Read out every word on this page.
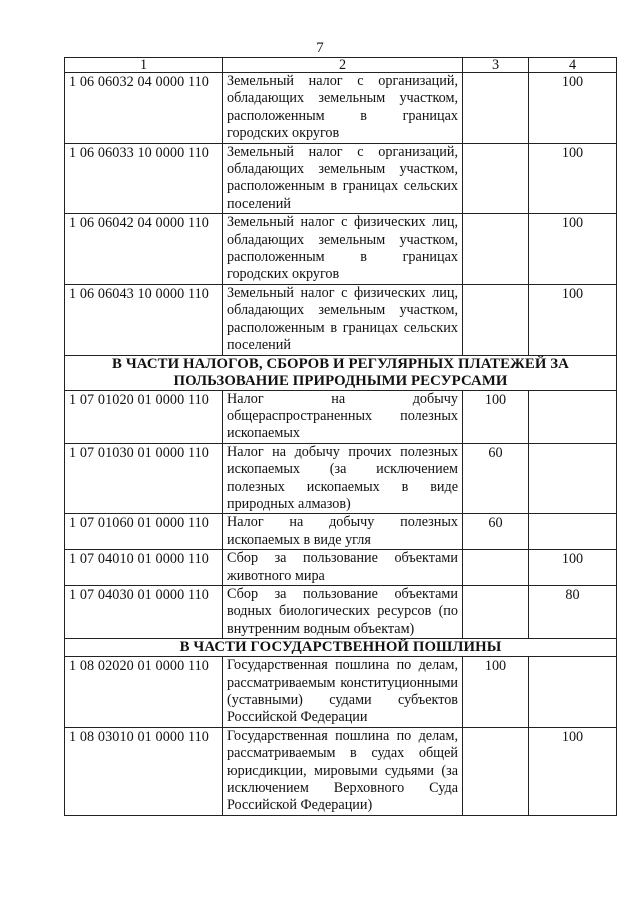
7
1	2	3	4
1 06 06032 04 0000 110	Земельный налог с организаций, обладающих земельным участком, расположенным в границах городских округов		100
1 06 06033 10 0000 110	Земельный налог с организаций, обладающих земельным участком, расположенным в границах сельских поселений		100
1 06 06042 04 0000 110	Земельный налог с физических лиц, обладающих земельным участком, расположенным в границах городских округов		100
1 06 06043 10 0000 110	Земельный налог с физических лиц, обладающих земельным участком, расположенным в границах сельских поселений		100
В ЧАСТИ НАЛОГОВ, СБОРОВ И РЕГУЛЯРНЫХ ПЛАТЕЖЕЙ ЗА ПОЛЬЗОВАНИЕ ПРИРОДНЫМИ РЕСУРСАМИ			
1 07 01020 01 0000 110	Налог на добычу общераспространенных полезных ископаемых	100	
1 07 01030 01 0000 110	Налог на добычу прочих полезных ископаемых (за исключением полезных ископаемых в виде природных алмазов)	60	
1 07 01060 01 0000 110	Налог на добычу полезных ископаемых в виде угля	60	
1 07 04010 01 0000 110	Сбор за пользование объектами животного мира		100
1 07 04030 01 0000 110	Сбор за пользование объектами водных биологических ресурсов (по внутренним водным объектам)		80
В ЧАСТИ ГОСУДАРСТВЕННОЙ ПОШЛИНЫ			
1 08 02020 01 0000 110	Государственная пошлина по делам, рассматриваемым конституционными (уставными) судами субъектов Российской Федерации	100	
1 08 03010 01 0000 110	Государственная пошлина по делам, рассматриваемым в судах общей юрисдикции, мировыми судьями (за исключением Верховного Суда Российской Федерации)		100
